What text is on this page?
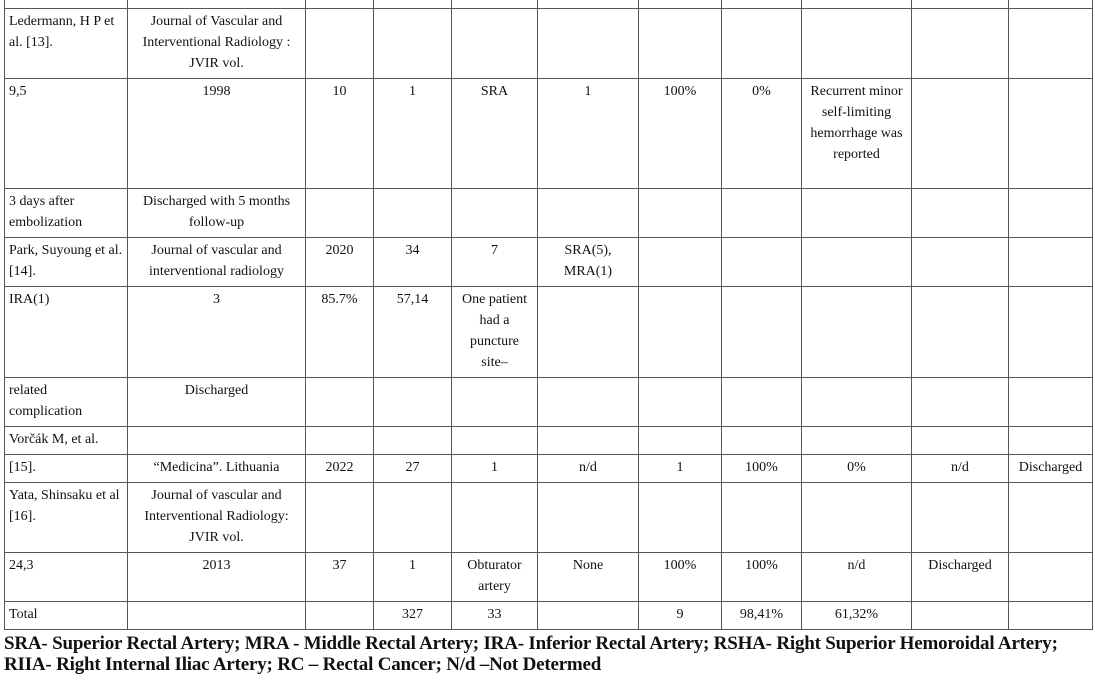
Ledermann, H P et al. [13].	Journal of Vascular and Interventional Radiology : JVIR vol.									
9,5	1998	10	1	SRA	1	100%	0%	Recurrent minor self-limiting hemorrhage was reported		
3 days after embolization	Discharged with 5 months follow-up									
Park, Suyoung et al. [14].	Journal of vascular and interventional radiology	2020	34	7	SRA(5), MRA(1)					
IRA(1)	3	85.7%	57,14	One patient had a puncture site–						
related complication	Discharged									
Vorčák M, et al.										
[15].	“Medicina”. Lithuania	2022	27	1	n/d	1	100%	0%	n/d	Discharged
Yata, Shinsaku et al [16].	Journal of vascular and Interventional Radiology: JVIR vol.									
24,3	2013	37	1	Obturator artery	None	100%	100%	n/d	Discharged	
Total			327	33		9	98,41%	61,32%		

SRA- Superior Rectal Artery; MRA - Middle Rectal Artery; IRA- Inferior Rectal Artery; RSHA- Right Superior Hemoroidal Artery; RIIA- Right Internal Iliac Artery; RC – Rectal Cancer; N/d –Not Determed
